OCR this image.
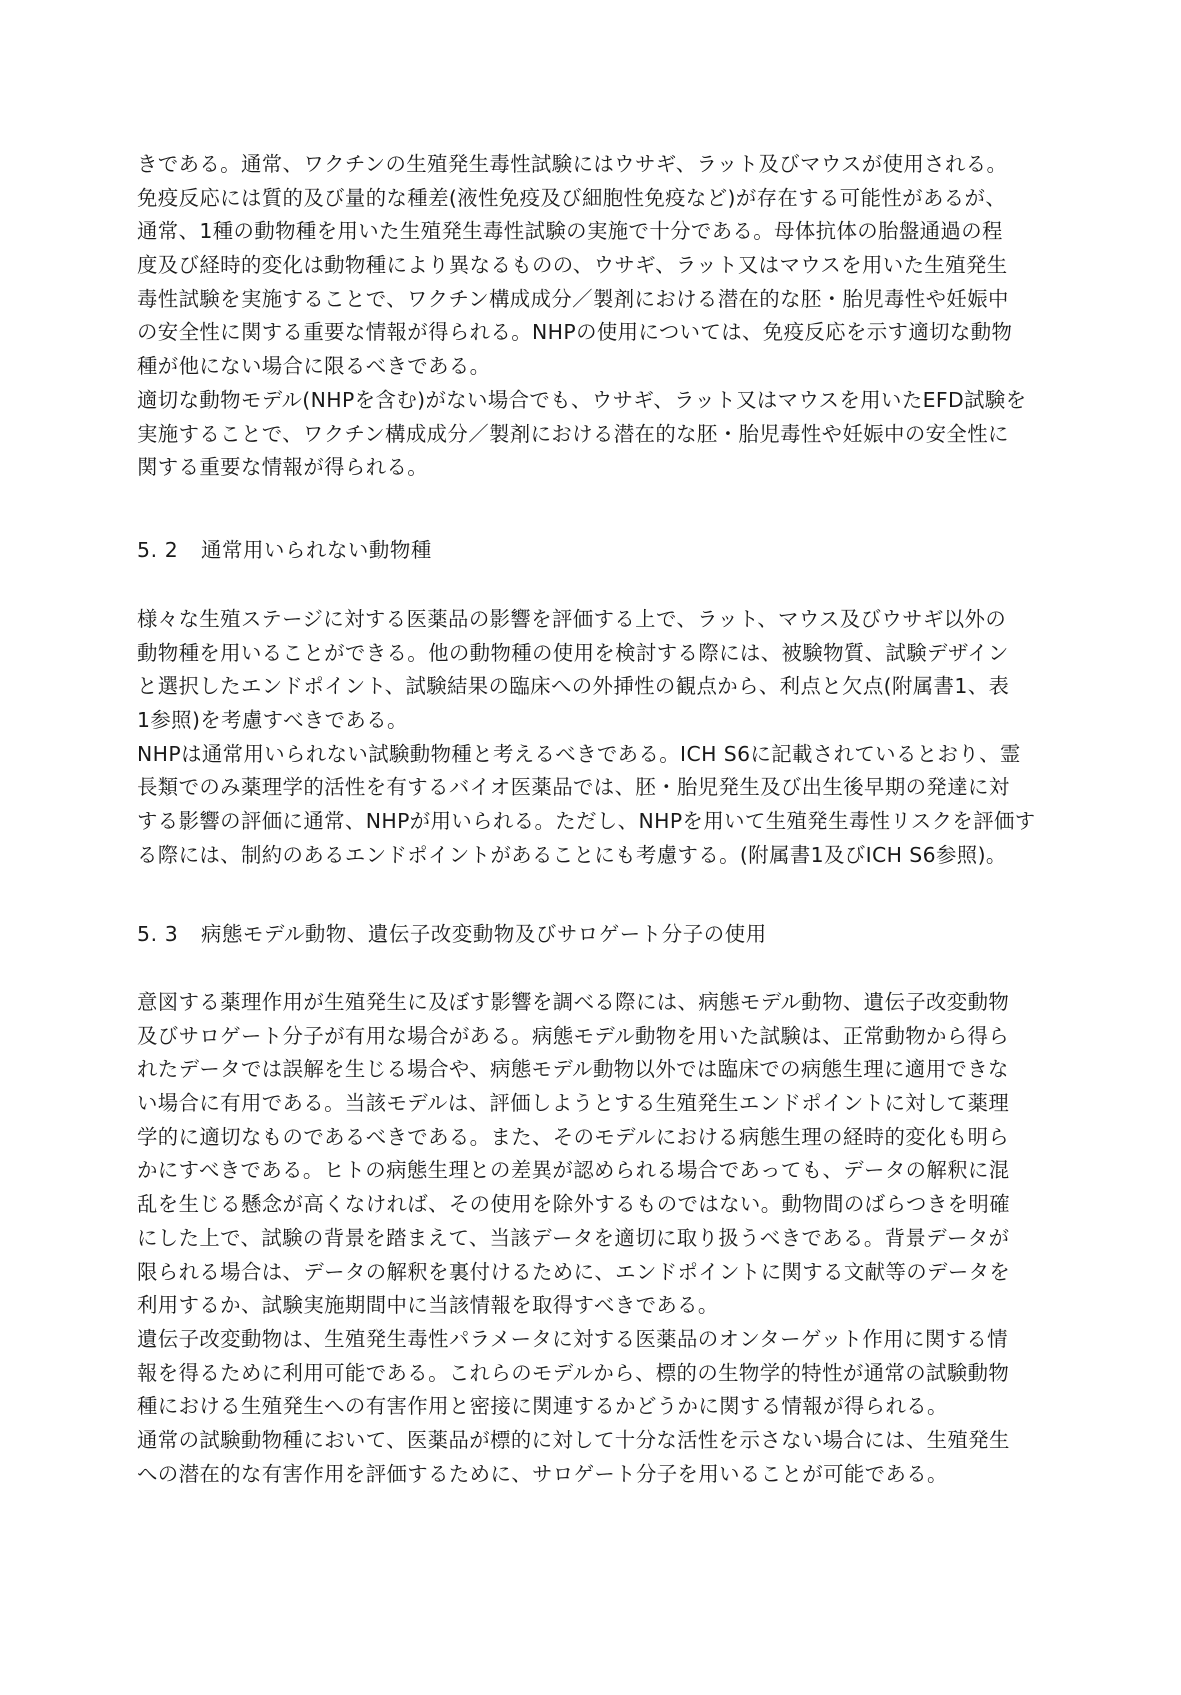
きである。通常、ワクチンの生殖発生毒性試験にはウサギ、ラット及びマウスが使用される。
免疫反応には質的及び量的な種差(液性免疫及び細胞性免疫など)が存在する可能性があるが、
通常、1種の動物種を用いた生殖発生毒性試験の実施で十分である。母体抗体の胎盤通過の程
度及び経時的変化は動物種により異なるものの、ウサギ、ラット又はマウスを用いた生殖発生
毒性試験を実施することで、ワクチン構成成分／製剤における潜在的な胚・胎児毒性や妊娠中
の安全性に関する重要な情報が得られる。NHPの使用については、免疫反応を示す適切な動物
種が他にない場合に限るべきである。
適切な動物モデル(NHPを含む)がない場合でも、ウサギ、ラット又はマウスを用いたEFD試験を
実施することで、ワクチン構成成分／製剤における潜在的な胚・胎児毒性や妊娠中の安全性に
関する重要な情報が得られる。
5. 2 通常用いられない動物種
様々な生殖ステージに対する医薬品の影響を評価する上で、ラット、マウス及びウサギ以外の
動物種を用いることができる。他の動物種の使用を検討する際には、被験物質、試験デザイン
と選択したエンドポイント、試験結果の臨床への外挿性の観点から、利点と欠点(附属書1、表
1参照)を考慮すべきである。
NHPは通常用いられない試験動物種と考えるべきである。ICH S6に記載されているとおり、霊
長類でのみ薬理学的活性を有するバイオ医薬品では、胚・胎児発生及び出生後早期の発達に対
する影響の評価に通常、NHPが用いられる。ただし、NHPを用いて生殖発生毒性リスクを評価す
る際には、制約のあるエンドポイントがあることにも考慮する。(附属書1及びICH S6参照)。
5. 3 病態モデル動物、遺伝子改変動物及びサロゲート分子の使用
意図する薬理作用が生殖発生に及ぼす影響を調べる際には、病態モデル動物、遺伝子改変動物
及びサロゲート分子が有用な場合がある。病態モデル動物を用いた試験は、正常動物から得ら
れたデータでは誤解を生じる場合や、病態モデル動物以外では臨床での病態生理に適用できな
い場合に有用である。当該モデルは、評価しようとする生殖発生エンドポイントに対して薬理
学的に適切なものであるべきである。また、そのモデルにおける病態生理の経時的変化も明ら
かにすべきである。ヒトの病態生理との差異が認められる場合であっても、データの解釈に混
乱を生じる懸念が高くなければ、その使用を除外するものではない。動物間のばらつきを明確
にした上で、試験の背景を踏まえて、当該データを適切に取り扱うべきである。背景データが
限られる場合は、データの解釈を裏付けるために、エンドポイントに関する文献等のデータを
利用するか、試験実施期間中に当該情報を取得すべきである。
遺伝子改変動物は、生殖発生毒性パラメータに対する医薬品のオンターゲット作用に関する情
報を得るために利用可能である。これらのモデルから、標的の生物学的特性が通常の試験動物
種における生殖発生への有害作用と密接に関連するかどうかに関する情報が得られる。
通常の試験動物種において、医薬品が標的に対して十分な活性を示さない場合には、生殖発生
への潜在的な有害作用を評価するために、サロゲート分子を用いることが可能である。
